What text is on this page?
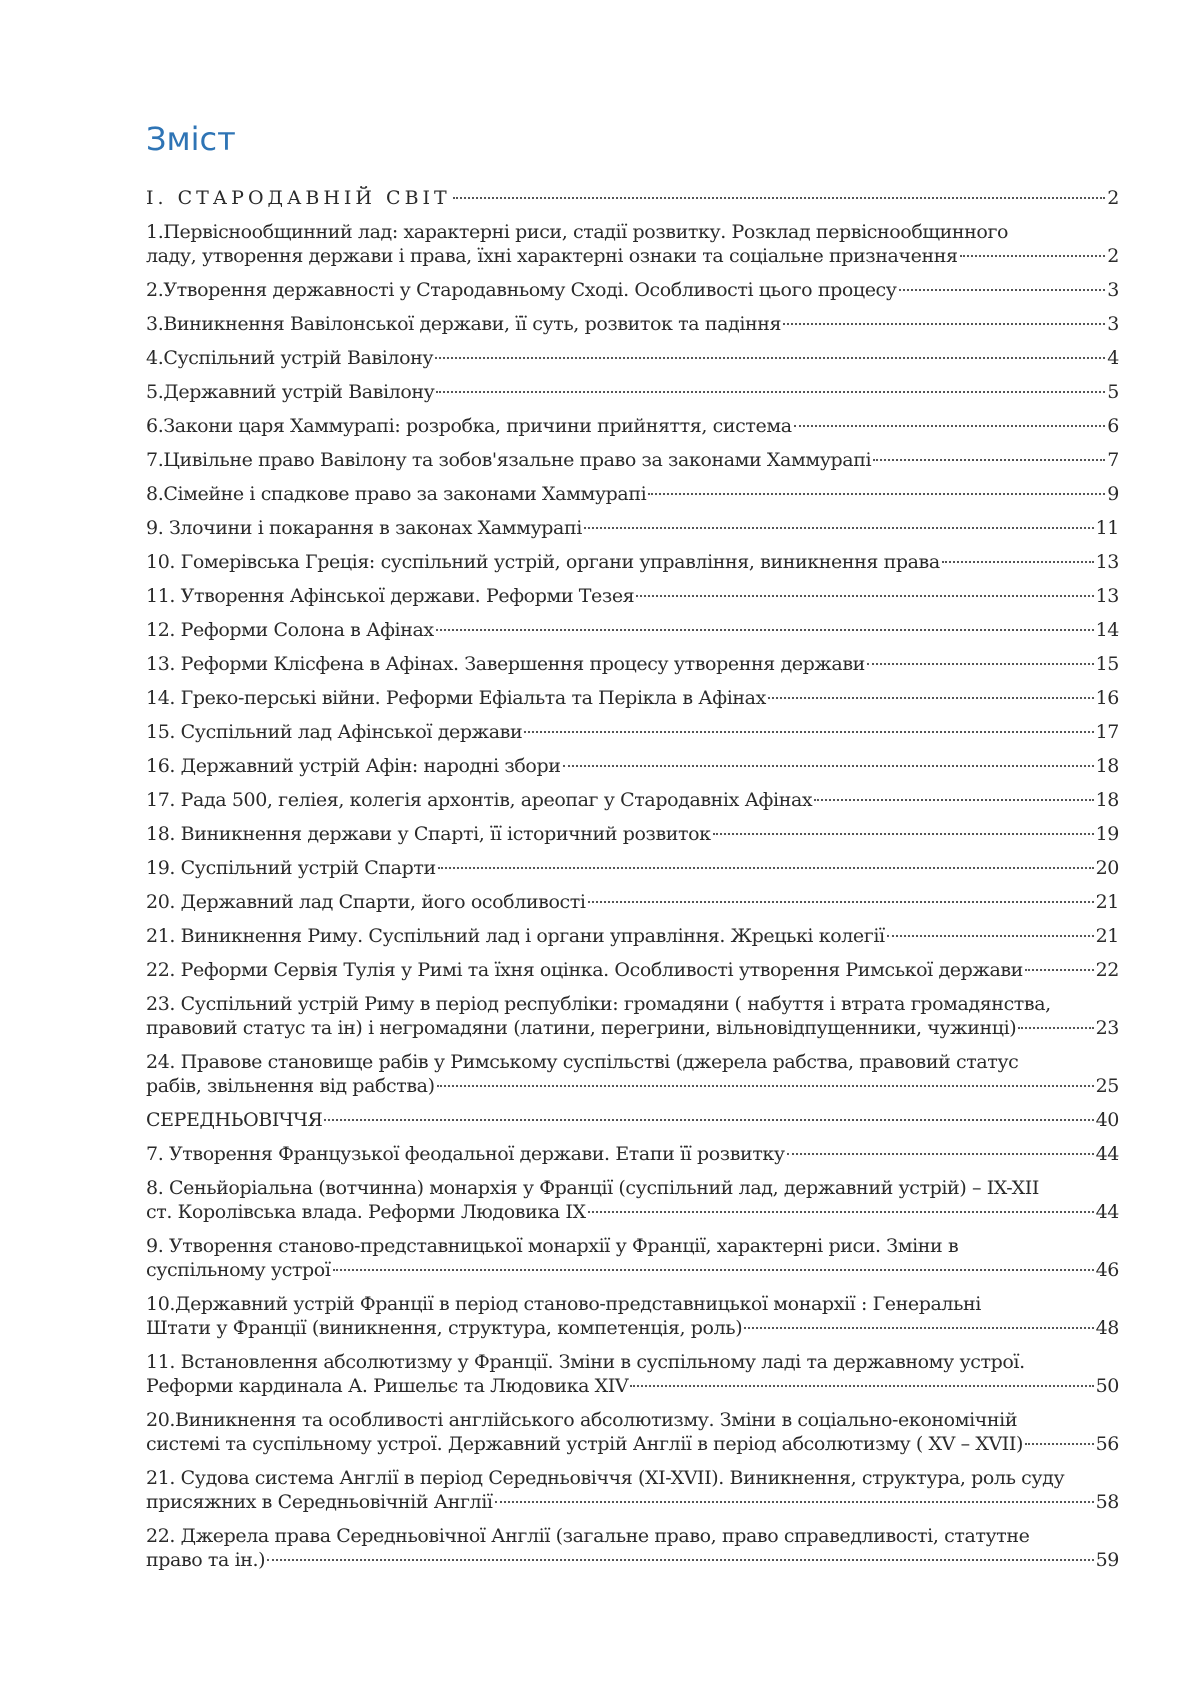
Зміст
I. СТАРОДАВНІЙ СВІТ	2
1.Первіснообщинний лад: характерні риси, стадії розвитку. Розклад первіснообщинного
ладу, утворення держави і права, їхні характерні ознаки та соціальне призначення	2
2.Утворення державності у Стародавньому Сході. Особливості цього процесу	3
3.Виникнення Вавілонської держави, її суть, розвиток та падіння	3
4.Суспільний устрій Вавілону	4
5.Державний устрій Вавілону	5
6.Закони царя Хаммурапі: розробка, причини прийняття, система	6
7.Цивільне право Вавілону та зобов'язальне право за законами Хаммурапі	7
8.Сімейне і спадкове право за законами Хаммурапі	9
9. Злочини і покарання в законах Хаммурапі	11
10. Гомерівська Греція: суспільний устрій, органи управління, виникнення права	13
11. Утворення Афінської держави. Реформи Тезея	13
12. Реформи Солона в Афінах	14
13. Реформи Клісфена в Афінах. Завершення процесу утворення держави	15
14. Греко-перські війни. Реформи Ефіальта та Перікла в Афінах	16
15. Суспільний лад Афінської держави	17
16. Державний устрій Афін: народні збори	18
17. Рада 500, геліея, колегія архонтів, ареопаг у Стародавніх Афінах	18
18. Виникнення держави у Спарті, її історичний розвиток	19
19. Суспільний устрій Спарти	20
20. Державний лад Спарти, його особливості	21
21. Виникнення Риму. Суспільний лад і органи управління. Жрецькі колегії	21
22. Реформи Сервія Тулія у Римі та їхня оцінка. Особливості утворення Римської держави	22
23. Суспільний устрій Риму в період республіки: громадяни ( набуття і втрата громадянства,
правовий статус та ін) і негромадяни (латини, перегрини, вільновідпущенники, чужинці)	23
24. Правове становище рабів у Римському суспільстві (джерела рабства, правовий статус
рабів, звільнення від рабства)	25
СЕРЕДНЬОВІЧЧЯ	40
7. Утворення Французької феодальної держави. Етапи її розвитку	44
8. Сеньйоріальна (вотчинна) монархія у Франції (суспільний лад, державний устрій) – IX-XII
ст. Королівська влада. Реформи Людовика IX	44
9. Утворення станово-представницької монархії у Франції, характерні риси. Зміни в
суспільному устрої	46
10.Державний устрій Франції в період станово-представницької монархії : Генеральні
Штати у Франції (виникнення, структура, компетенція, роль)	48
11. Встановлення абсолютизму у Франції. Зміни в суспільному ладі та державному устрої.
Реформи кардинала А. Ришельє та Людовика XIV	50
20.Виникнення та особливості англійського абсолютизму. Зміни в соціально-економічній
системі та суспільному устрої. Державний устрій Англії в період абсолютизму ( XV – XVII)	56
21. Судова система Англії в період Середньовіччя (XI-XVII). Виникнення, структура, роль суду
присяжних в Середньовічній Англії	58
22. Джерела права Середньовічної Англії (загальне право, право справедливості, статутне
право та ін.)	59
